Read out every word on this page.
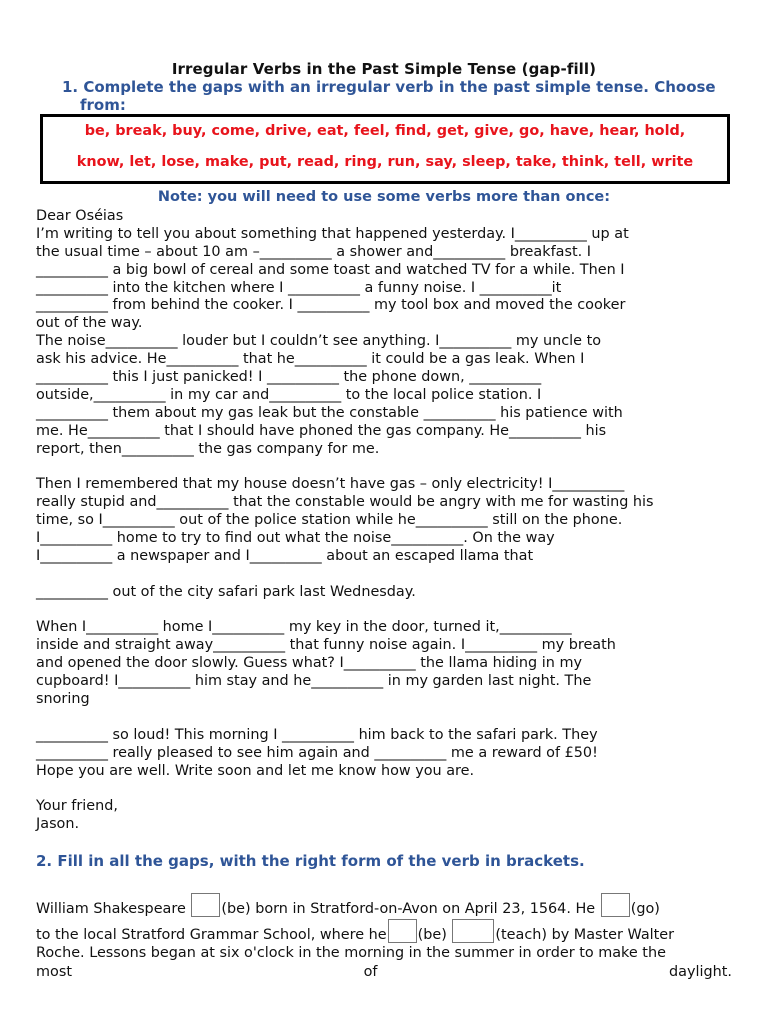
Irregular Verbs in the Past Simple Tense (gap-fill)
1. Complete the gaps with an irregular verb in the past simple tense. Choose
from:
be, break, buy, come, drive, eat, feel, find, get, give, go, have, hear, hold,
know, let, lose, make, put, read, ring, run, say, sleep, take, think, tell, write
Note: you will need to use some verbs more than once:
Dear Oséias
I’m writing to tell you about something that happened yesterday. I__________ up at
the usual time – about 10 am –__________ a shower and__________ breakfast. I
__________ a big bowl of cereal and some toast and watched TV for a while. Then I
__________ into the kitchen where I __________ a funny noise. I __________it
__________ from behind the cooker. I __________ my tool box and moved the cooker
out of the way.
The noise__________ louder but I couldn’t see anything. I__________ my uncle to
ask his advice. He__________ that he__________ it could be a gas leak. When I
__________ this I just panicked! I __________ the phone down, __________
outside,__________ in my car and__________ to the local police station. I
__________ them about my gas leak but the constable __________ his patience with
me. He__________ that I should have phoned the gas company. He__________ his
report, then__________ the gas company for me.
Then I remembered that my house doesn’t have gas – only electricity! I__________
really stupid and__________ that the constable would be angry with me for wasting his
time, so I__________ out of the police station while he__________ still on the phone.
I__________ home to try to find out what the noise__________. On the way
I__________ a newspaper and I__________ about an escaped llama that
__________ out of the city safari park last Wednesday.
When I__________ home I__________ my key in the door, turned it,__________
inside and straight away__________ that funny noise again. I__________ my breath
and opened the door slowly. Guess what? I__________ the llama hiding in my
cupboard! I__________ him stay and he__________ in my garden last night. The
snoring
__________ so loud! This morning I __________ him back to the safari park. They
__________ really pleased to see him again and __________ me a reward of £50!
Hope you are well. Write soon and let me know how you are.
Your friend,
Jason.
2. Fill in all the gaps, with the right form of the verb in brackets.
William Shakespeare (be) born in Stratford-on-Avon on April 23, 1564. He (go)
to the local Stratford Grammar School, where he (be)	(teach) by Master Walter
Roche. Lessons began at six o'clock in the morning in the summer in order to make the
most	of	daylight.
